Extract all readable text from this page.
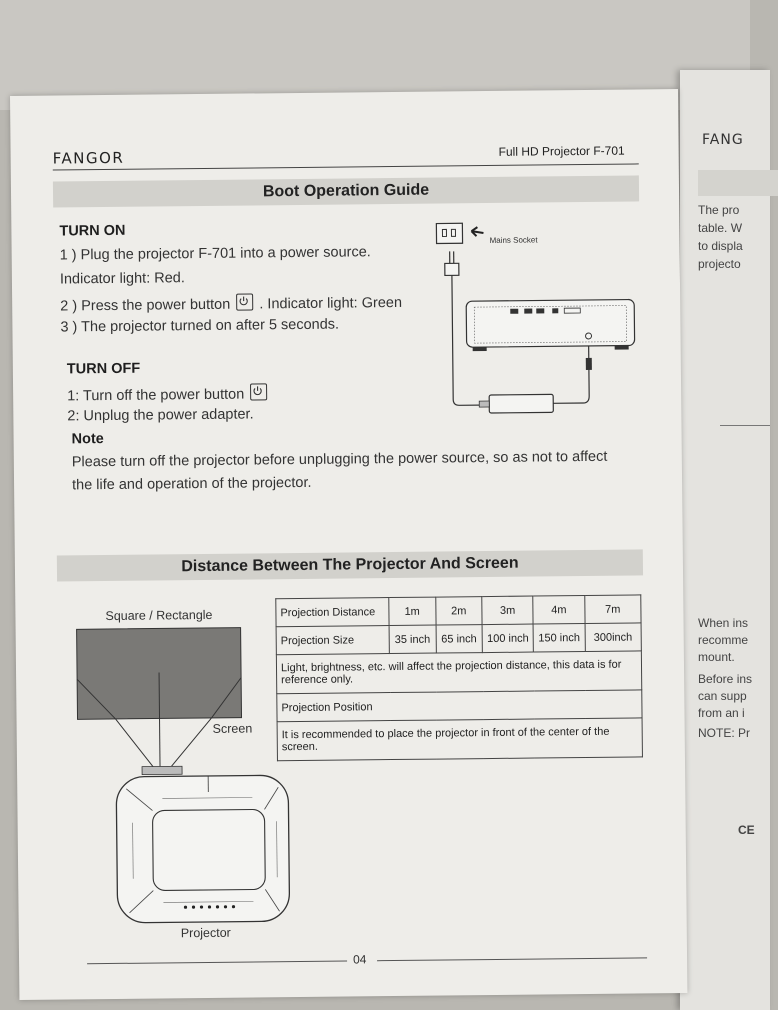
FANG
The pro
table. W
to displa
projecto
When ins
recomme
mount.
Before ins
can supp
from an i
NOTE: Pr
CE
FANGOR	Full HD Projector F-701
Boot Operation Guide
TURN ON
1 ) Plug the projector F-701 into a power source.
Indicator light: Red.
2 ) Press the power button . Indicator light: Green
3 ) The projector turned on after 5 seconds.
Mains Socket
TURN OFF
1: Turn off the power button
2: Unplug the power adapter.
Note
Please turn off the projector before unplugging the power source, so as not to affect
the life and operation of the projector.
Distance Between The Projector And Screen
Square / Rectangle
Screen
Projector
Projection Distance	1m	2m	3m	4m	7m
Projection Size	35 inch	65 inch	100 inch	150 inch	300inch
Light, brightness, etc. will affect the projection distance, this data is for reference only.					
Projection Position					
It is recommended to place the projector in front of the center of the screen.					
04
